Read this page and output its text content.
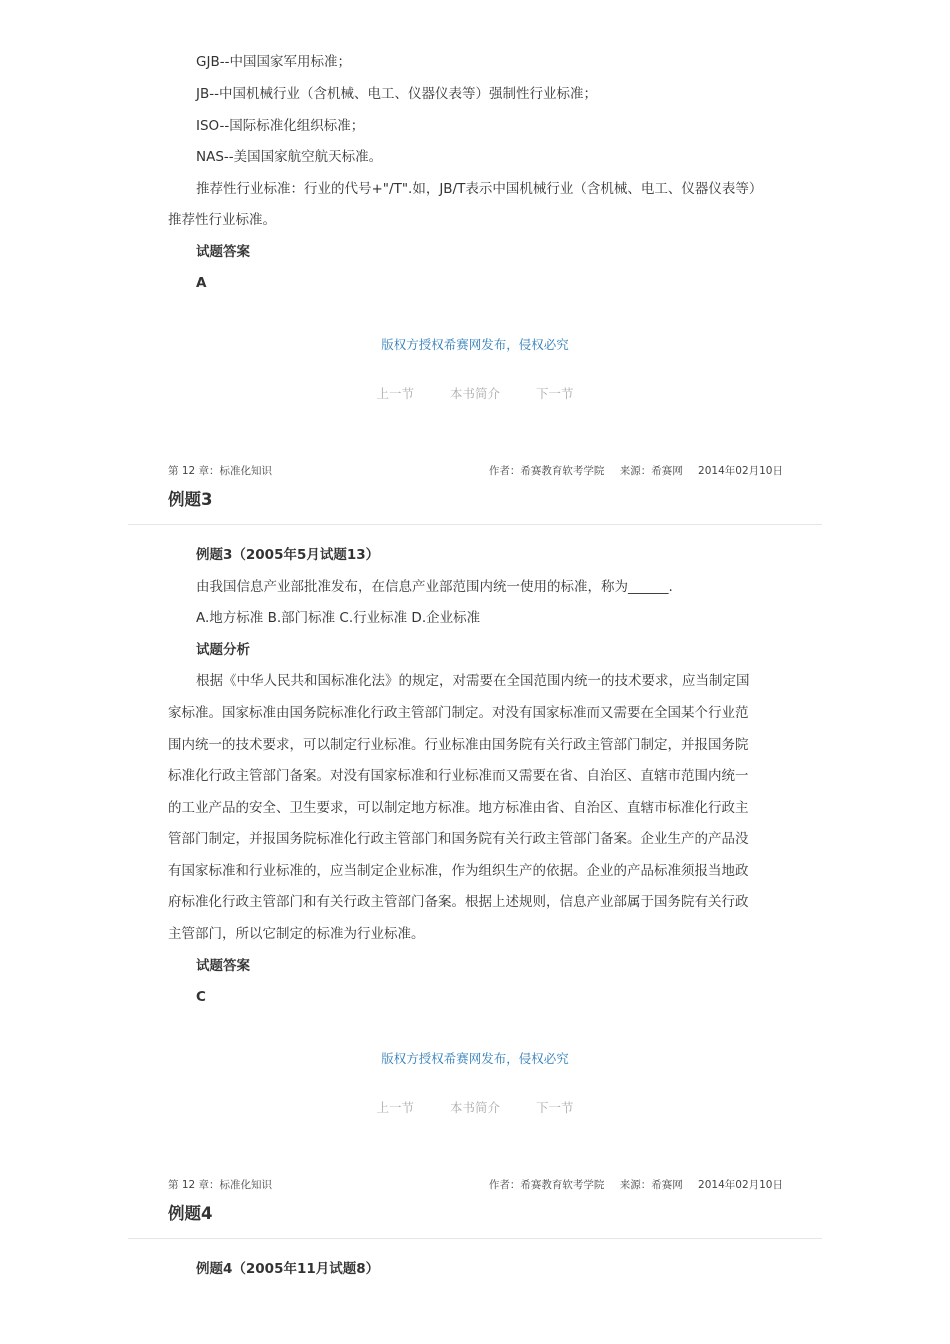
GJB--中国国家军用标准；
JB--中国机械行业（含机械、电工、仪器仪表等）强制性行业标准；
ISO--国际标准化组织标准；
NAS--美国国家航空航天标准。
推荐性行业标准：行业的代号+"/T".如，JB/T表示中国机械行业（含机械、电工、仪器仪表等）
推荐性行业标准。
试题答案
A
版权方授权希赛网发布，侵权必究
上一节	本书简介	下一节
第 12 章：标准化知识	作者：希赛教育软考学院 来源：希赛网 2014年02月10日
例题3
例题3（2005年5月试题13）
由我国信息产业部批准发布，在信息产业部范围内统一使用的标准，称为______.
A.地方标准 B.部门标准 C.行业标准 D.企业标准
试题分析
根据《中华人民共和国标准化法》的规定，对需要在全国范围内统一的技术要求，应当制定国
家标准。国家标准由国务院标准化行政主管部门制定。对没有国家标准而又需要在全国某个行业范
围内统一的技术要求，可以制定行业标准。行业标准由国务院有关行政主管部门制定，并报国务院
标准化行政主管部门备案。对没有国家标准和行业标准而又需要在省、自治区、直辖市范围内统一
的工业产品的安全、卫生要求，可以制定地方标准。地方标准由省、自治区、直辖市标准化行政主
管部门制定，并报国务院标准化行政主管部门和国务院有关行政主管部门备案。企业生产的产品没
有国家标准和行业标准的，应当制定企业标准，作为组织生产的依据。企业的产品标准须报当地政
府标准化行政主管部门和有关行政主管部门备案。根据上述规则，信息产业部属于国务院有关行政
主管部门，所以它制定的标准为行业标准。
试题答案
C
版权方授权希赛网发布，侵权必究
上一节	本书简介	下一节
第 12 章：标准化知识	作者：希赛教育软考学院 来源：希赛网 2014年02月10日
例题4
例题4（2005年11月试题8）
